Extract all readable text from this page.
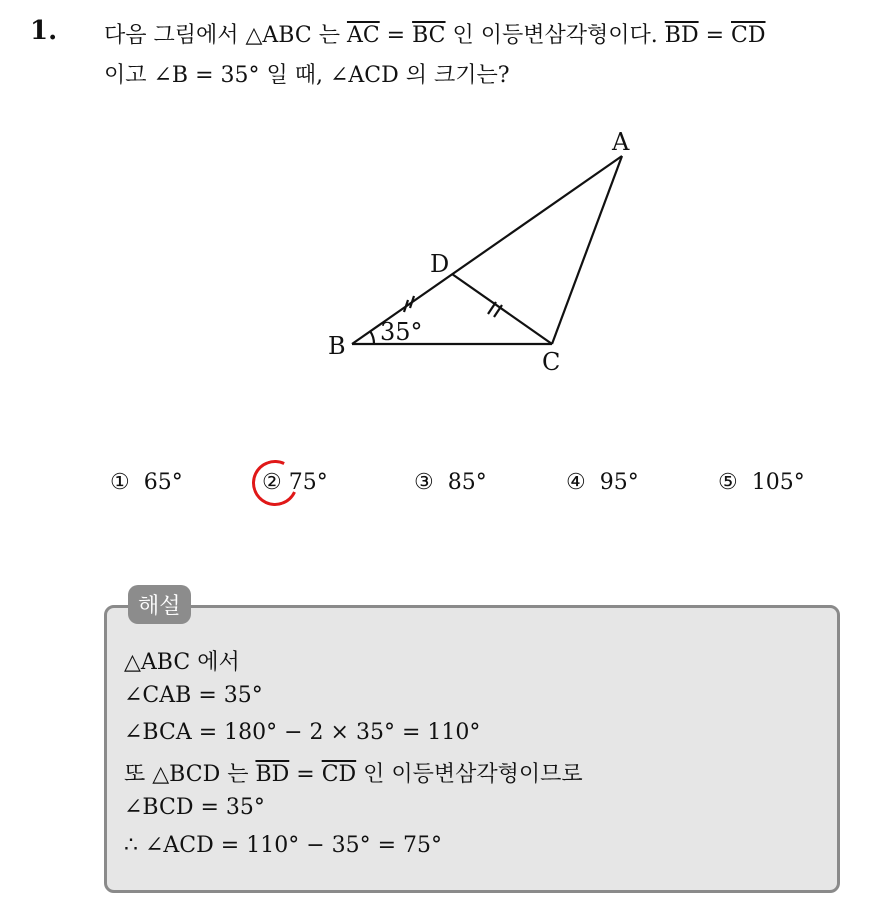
1. 다음 그림에서 △ABC 는 $\overline{AC} = \overline{BC}$ 인 이등변삼각형이다. $\overline{BD} = \overline{CD}$
이고 ∠B = 35° 일 때, ∠ACD 의 크기는?
A
B
C
D
35°
① 65°	② 75°	③ 85°	④ 95°	⑤ 105°
해설
△ABC 에서
∠CAB = 35°
∠BCA = 180° − 2 × 35° = 110°
또 △BCD 는 $\overline{BD} = \overline{CD}$ 인 이등변삼각형이므로
∠BCD = 35°
∴ ∠ACD = 110° − 35° = 75°
